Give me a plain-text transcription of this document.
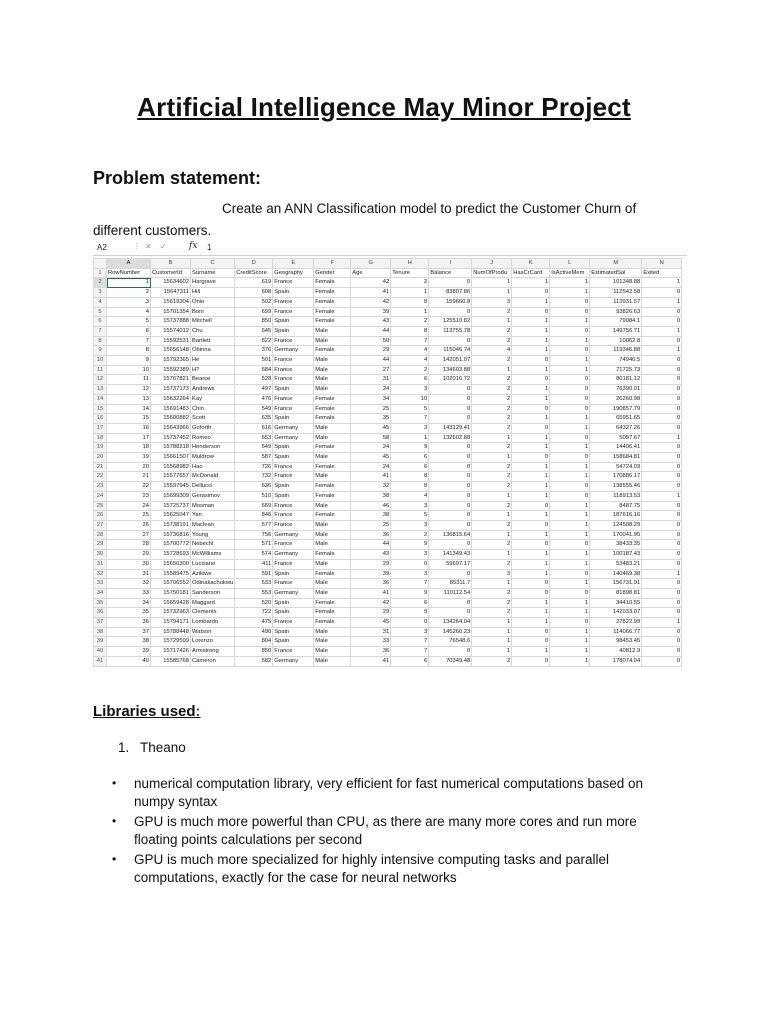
Artificial Intelligence May Minor Project
Problem statement:
Create an ANN Classification model to predict the Customer Churn of
different customers.
A2	⋮ ✕ ✓ fx 1
	A	B	C	D	E	F	G	H	I	J	K	L	M	N
1	RowNumber	CustomerId	Surname	CreditScore	Geography	Gender	Age	Tenure	Balance	NumOfProdu	HasCrCard	IsActiveMem	EstimatedSal	Exited
2	1	15634602	Hargrave	619	France	Female	42	2	0	1	1	1	101348.88	1
3	2	15647311	Hill	608	Spain	Female	41	1	83807.86	1	0	1	112542.58	0
4	3	15619304	Onio	502	France	Female	42	8	159660.8	3	1	0	113931.57	1
5	4	15701354	Boni	699	France	Female	39	1	0	2	0	0	93826.63	0
6	5	15737888	Mitchell	850	Spain	Female	43	2	125510.82	1	1	1	79084.1	0
7	6	15574012	Chu	645	Spain	Male	44	8	113755.78	2	1	0	149756.71	1
8	7	15592531	Bartlett	822	France	Male	50	7	0	2	1	1	10062.8	0
9	8	15656148	Obinna	376	Germany	Female	29	4	115046.74	4	1	0	119346.88	1
10	9	15792365	He	501	France	Male	44	4	142051.07	2	0	1	74940.5	0
11	10	15592389	H?	684	France	Male	27	2	134603.88	1	1	1	71725.73	0
12	11	15767821	Bearce	528	France	Male	31	6	102016.72	2	0	0	80181.12	0
13	12	15737173	Andrews	497	Spain	Male	24	3	0	2	1	0	76390.01	0
14	13	15632264	Kay	476	France	Female	34	10	0	2	1	0	26260.98	0
15	14	15691483	Chin	549	France	Female	25	5	0	2	0	0	190857.79	0
16	15	15600882	Scott	635	Spain	Female	35	7	0	2	1	1	65951.65	0
17	16	15643966	Goforth	616	Germany	Male	45	3	143129.41	2	0	1	64327.26	0
18	17	15737452	Romeo	653	Germany	Male	58	1	132602.88	1	1	0	5097.67	1
19	18	15788218	Henderson	549	Spain	Female	24	9	0	2	1	1	14406.41	0
20	19	15661507	Muldrow	587	Spain	Male	45	6	0	1	0	0	158684.81	0
21	20	15568982	Hao	726	France	Female	24	6	0	2	1	1	54724.03	0
22	21	15577657	McDonald	732	France	Male	41	8	0	2	1	1	170886.17	0
23	22	15597945	Dellucci	636	Spain	Female	32	8	0	2	1	0	138555.46	0
24	23	15699309	Gerasimov	510	Spain	Female	38	4	0	1	1	0	118913.53	1
25	24	15725737	Mosman	669	France	Male	46	3	0	2	0	1	8487.75	0
26	25	15625047	Yen	846	France	Female	38	5	0	1	1	1	187616.16	0
27	26	15738191	Maclean	577	France	Male	25	3	0	2	0	1	124508.29	0
28	27	15736816	Young	756	Germany	Male	36	2	136815.64	1	1	1	170041.95	0
29	28	15700772	Nebechi	571	France	Male	44	9	0	2	0	0	38433.35	0
30	29	15728693	McWilliams	574	Germany	Female	43	3	141349.43	1	1	1	100187.43	0
31	30	15656300	Lucciano	411	France	Male	29	0	59697.17	2	1	1	53483.21	0
32	31	15589475	Azikiwe	591	Spain	Female	39	3	0	3	1	0	140469.38	1
33	32	15706552	Odinakachukwu	533	France	Male	36	7	85311.7	1	0	1	156731.91	0
34	33	15750181	Sanderson	553	Germany	Male	41	9	110112.54	2	0	0	81898.81	0
35	34	15659428	Maggard	520	Spain	Female	42	6	0	2	1	1	34410.55	0
36	35	15732963	Clements	722	Spain	Female	29	9	0	2	1	1	142033.07	0
37	36	15794171	Lombardo	475	France	Female	45	0	134264.04	1	1	0	27822.99	1
38	37	15788448	Watson	490	Spain	Male	31	3	145260.23	1	0	1	114066.77	0
39	38	15729599	Lorenzo	804	Spain	Male	33	7	76548.6	1	0	1	98453.45	0
40	39	15717426	Armstrong	850	France	Male	36	7	0	1	1	1	40812.9	0
41	40	15585768	Cameron	582	Germany	Male	41	6	70349.48	2	0	1	178074.04	0
Libraries used:
1. Theano
• numerical computation library, very efficient for fast numerical computations based on numpy syntax
• GPU is much more powerful than CPU, as there are many more cores and run more floating points calculations per second
• GPU is much more specialized for highly intensive computing tasks and parallel computations, exactly for the case for neural networks
